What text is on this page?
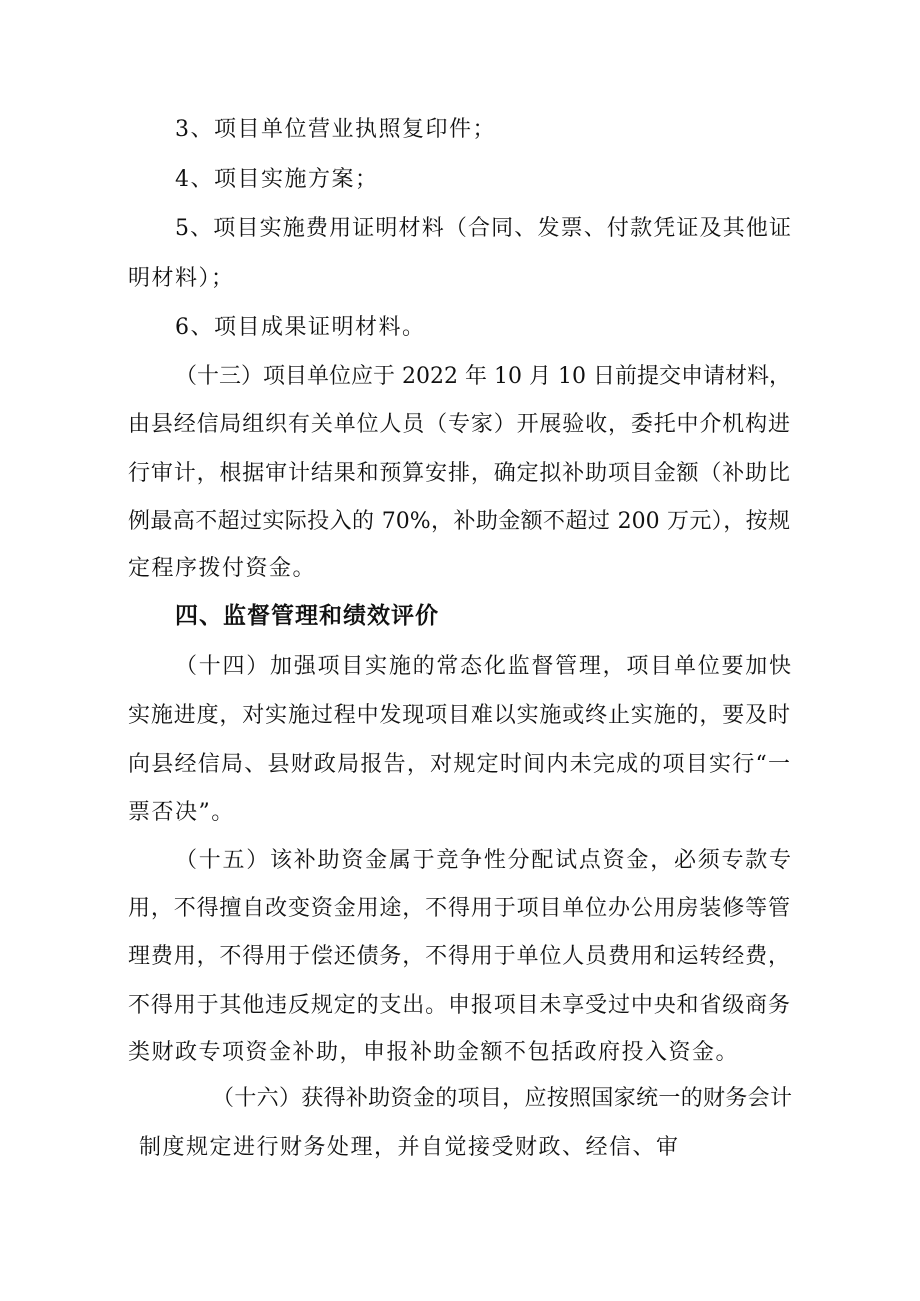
3、项目单位营业执照复印件；
4、项目实施方案；
5、项目实施费用证明材料（合同、发票、付款凭证及其他证
明材料）；
6、项目成果证明材料。
（十三）项目单位应于 2022 年 10 月 10 日前提交申请材料，
由县经信局组织有关单位人员（专家）开展验收，委托中介机构进
行审计，根据审计结果和预算安排，确定拟补助项目金额（补助比
例最高不超过实际投入的 70%，补助金额不超过 200 万元），按规
定程序拨付资金。
四、监督管理和绩效评价
（十四）加强项目实施的常态化监督管理，项目单位要加快
实施进度，对实施过程中发现项目难以实施或终止实施的，要及时
向县经信局、县财政局报告，对规定时间内未完成的项目实行“一
票否决”。
（十五）该补助资金属于竞争性分配试点资金，必须专款专
用，不得擅自改变资金用途，不得用于项目单位办公用房装修等管
理费用，不得用于偿还债务，不得用于单位人员费用和运转经费，
不得用于其他违反规定的支出。申报项目未享受过中央和省级商务
类财政专项资金补助，申报补助金额不包括政府投入资金。
（十六）获得补助资金的项目，应按照国家统一的财务会计
制度规定进行财务处理，并自觉接受财政、经信、审
